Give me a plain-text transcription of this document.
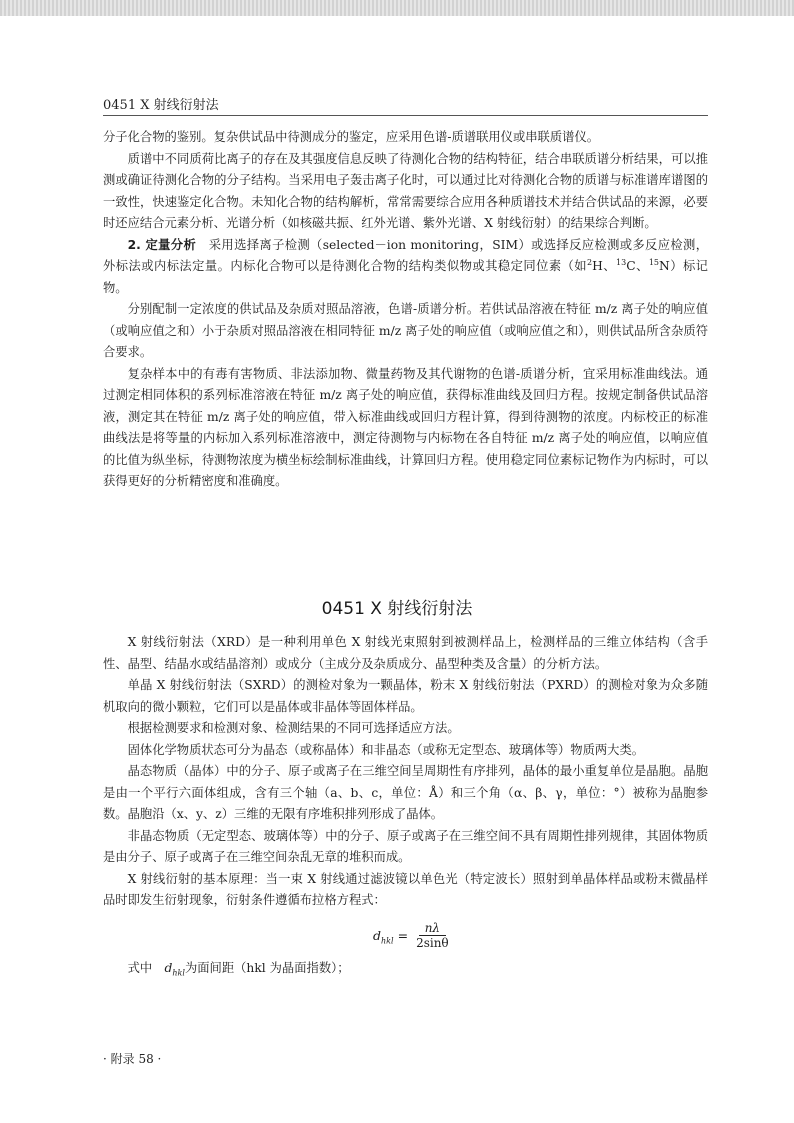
0451 X 射线衍射法

分子化合物的鉴别。复杂供试品中待测成分的鉴定，应采用色谱-质谱联用仪或串联质谱仪。

质谱中不同质荷比离子的存在及其强度信息反映了待测化合物的结构特征，结合串联质谱分析结果，可以推测或确证待测化合物的分子结构。当采用电子轰击离子化时，可以通过比对待测化合物的质谱与标准谱库谱图的一致性，快速鉴定化合物。未知化合物的结构解析，常常需要综合应用各种质谱技术并结合供试品的来源，必要时还应结合元素分析、光谱分析（如核磁共振、红外光谱、紫外光谱、X 射线衍射）的结果综合判断。

2. 定量分析　采用选择离子检测（selected－ion monitoring，SIM）或选择反应检测或多反应检测，外标法或内标法定量。内标化合物可以是待测化合物的结构类似物或其稳定同位素（如$^2$H、$^{13}$C、$^{15}$N）标记物。

分别配制一定浓度的供试品及杂质对照品溶液，色谱-质谱分析。若供试品溶液在特征 m/z 离子处的响应值（或响应值之和）小于杂质对照品溶液在相同特征 m/z 离子处的响应值（或响应值之和），则供试品所含杂质符合要求。

复杂样本中的有毒有害物质、非法添加物、微量药物及其代谢物的色谱-质谱分析，宜采用标准曲线法。通过测定相同体积的系列标准溶液在特征 m/z 离子处的响应值，获得标准曲线及回归方程。按规定制备供试品溶液，测定其在特征 m/z 离子处的响应值，带入标准曲线或回归方程计算，得到待测物的浓度。内标校正的标准曲线法是将等量的内标加入系列标准溶液中，测定待测物与内标物在各自特征 m/z 离子处的响应值，以响应值的比值为纵坐标，待测物浓度为横坐标绘制标准曲线，计算回归方程。使用稳定同位素标记物作为内标时，可以获得更好的分析精密度和准确度。

0451 X 射线衍射法

X 射线衍射法（XRD）是一种利用单色 X 射线光束照射到被测样品上，检测样品的三维立体结构（含手性、晶型、结晶水或结晶溶剂）或成分（主成分及杂质成分、晶型种类及含量）的分析方法。

单晶 X 射线衍射法（SXRD）的测检对象为一颗晶体，粉末 X 射线衍射法（PXRD）的测检对象为众多随机取向的微小颗粒，它们可以是晶体或非晶体等固体样品。

根据检测要求和检测对象、检测结果的不同可选择适应方法。

固体化学物质状态可分为晶态（或称晶体）和非晶态（或称无定型态、玻璃体等）物质两大类。

晶态物质（晶体）中的分子、原子或离子在三维空间呈周期性有序排列，晶体的最小重复单位是晶胞。晶胞是由一个平行六面体组成，含有三个轴（a、b、c，单位：Å）和三个角（α、β、γ，单位：°）被称为晶胞参数。晶胞沿（x、y、z）三维的无限有序堆积排列形成了晶体。

非晶态物质（无定型态、玻璃体等）中的分子、原子或离子在三维空间不具有周期性排列规律，其固体物质是由分子、原子或离子在三维空间杂乱无章的堆积而成。

X 射线衍射的基本原理：当一束 X 射线通过滤波镜以单色光（特定波长）照射到单晶体样品或粉末微晶样品时即发生衍射现象，衍射条件遵循布拉格方程式：

$d_{hkl} = \frac{n\lambda}{2\sin\theta}$

式中　$d_{hkl}$为面间距（hkl 为晶面指数）；

· 附录 58 ·
